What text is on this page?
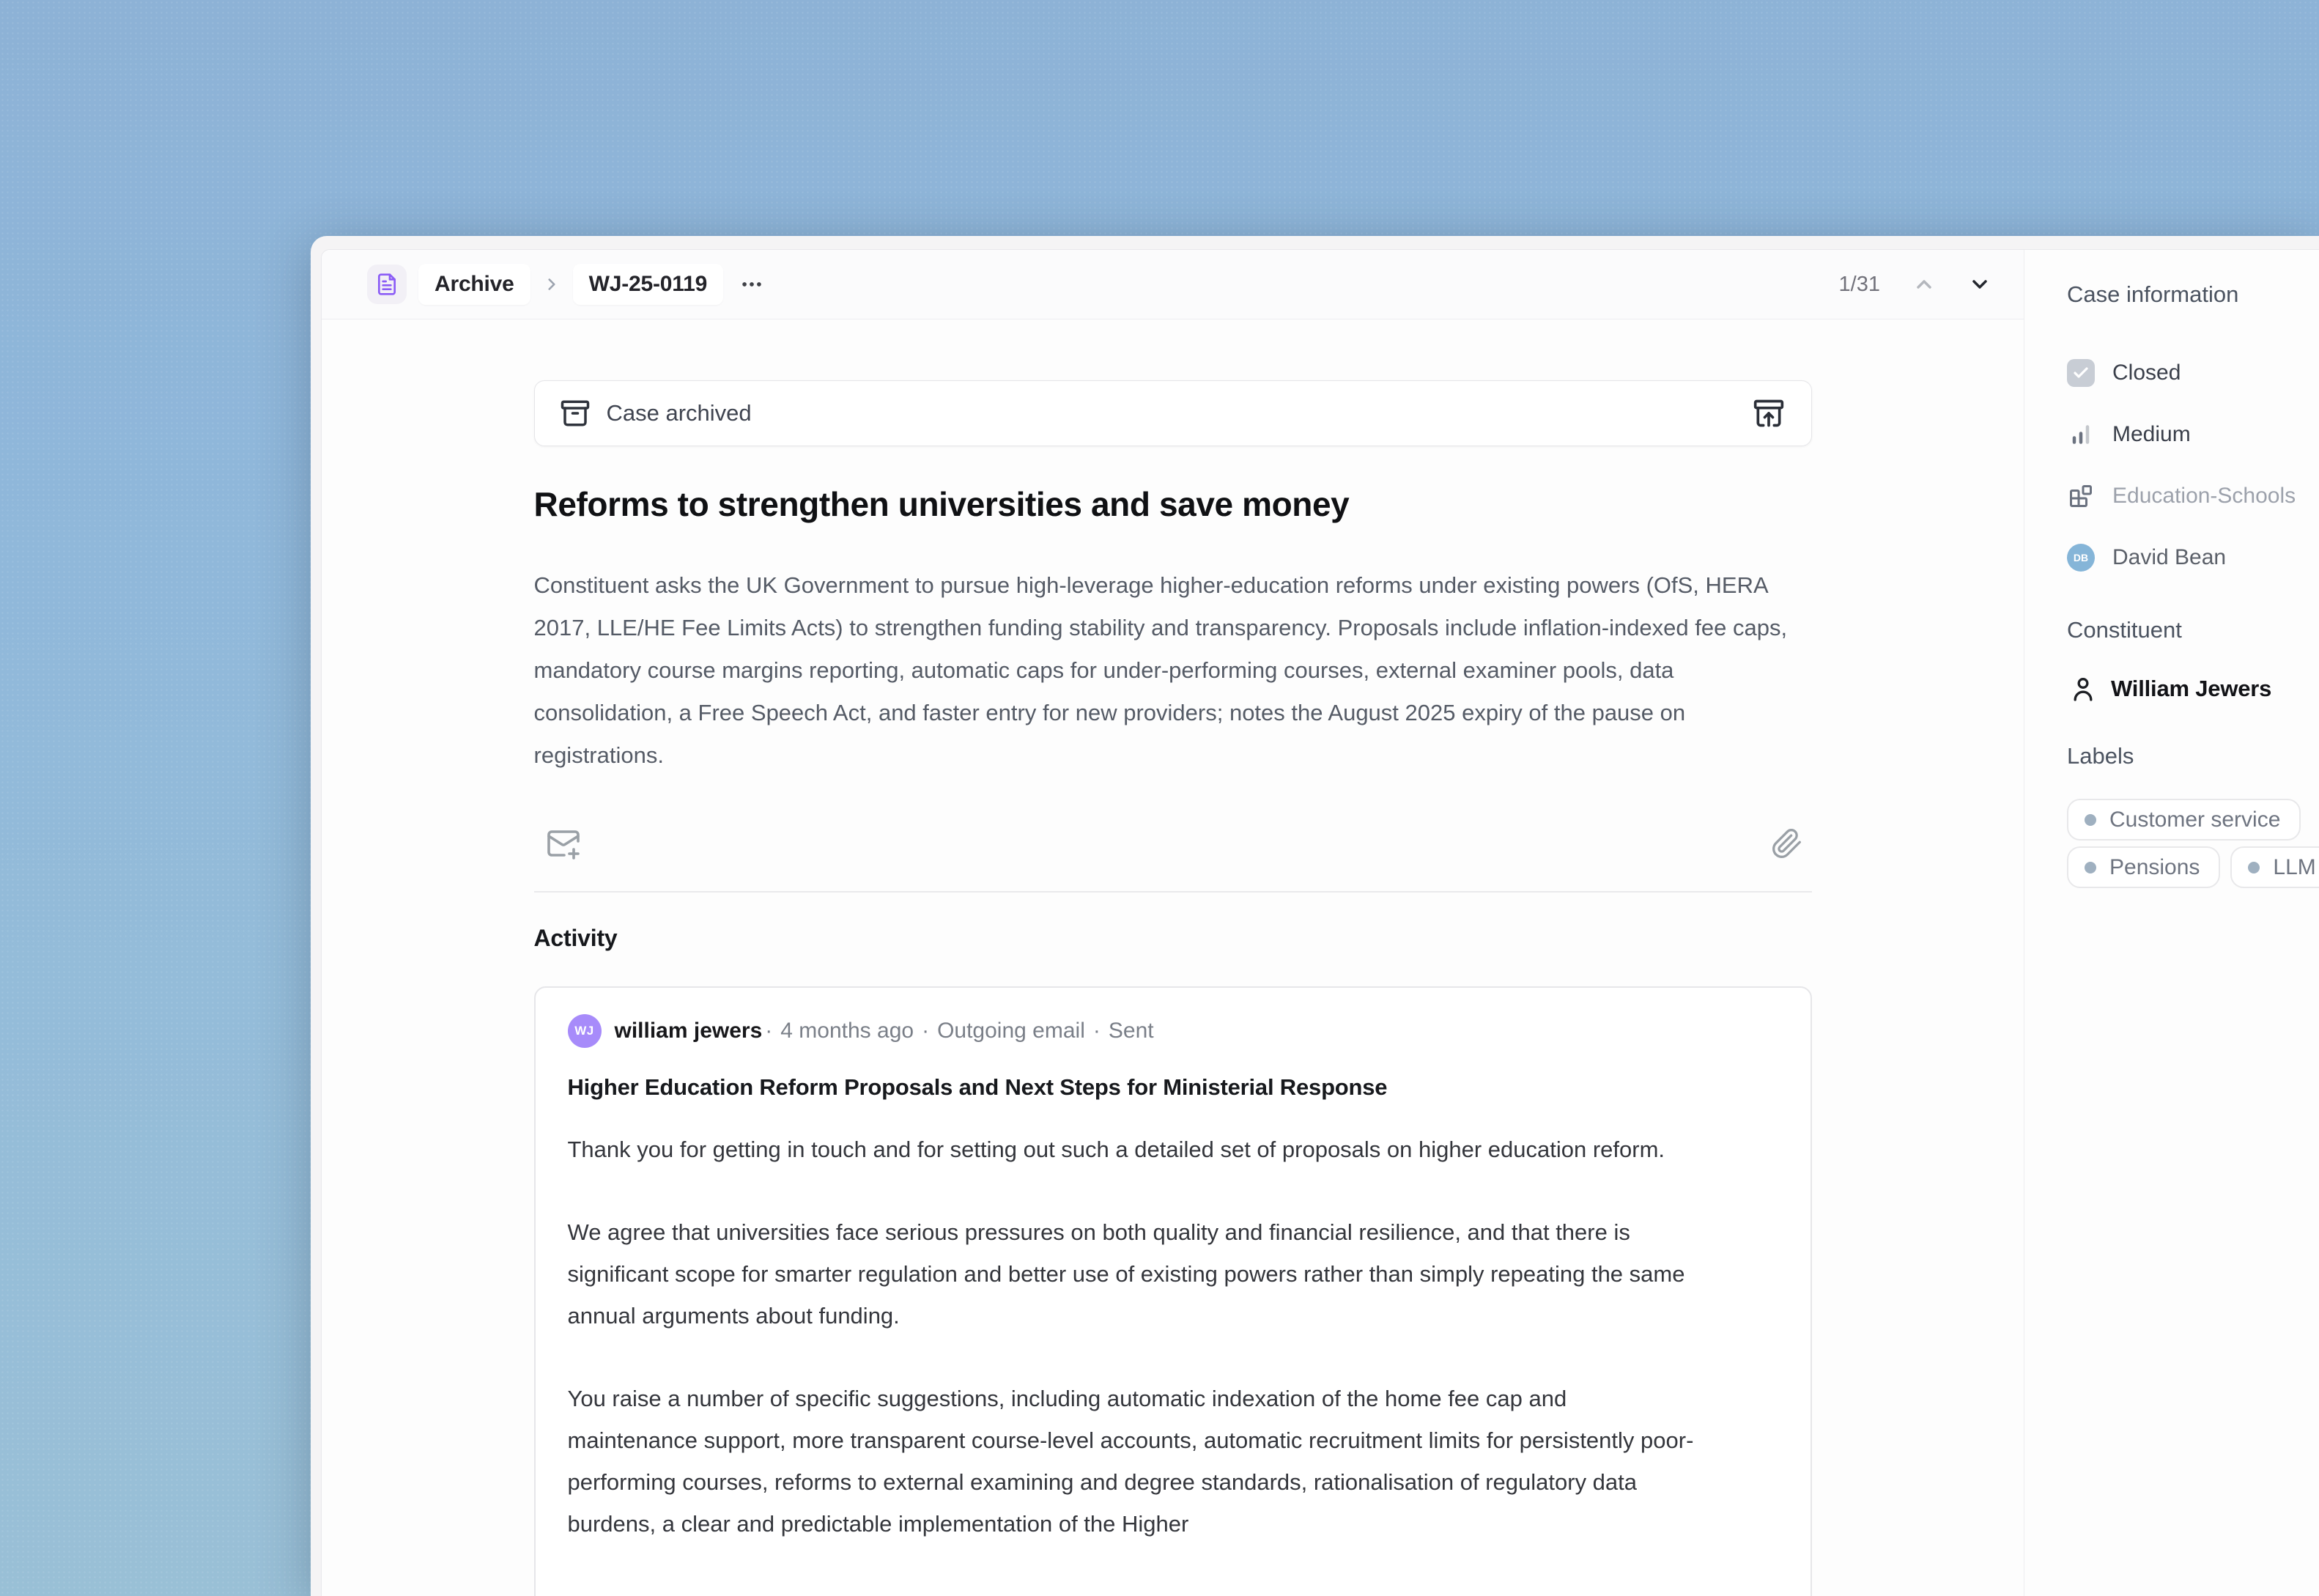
Archive	WJ-25-0119	1/31
Case archived
Reforms to strengthen universities and save money
Constituent asks the UK Government to pursue high-leverage higher-education reforms under existing powers (OfS, HERA 2017, LLE/HE Fee Limits Acts) to strengthen funding stability and transparency. Proposals include inflation-indexed fee caps, mandatory course margins reporting, automatic caps for under-performing courses, external examiner pools, data consolidation, a Free Speech Act, and faster entry for new providers; notes the August 2025 expiry of the pause on registrations.
Activity
WJ william jewers · 4 months ago · Outgoing email · Sent
Higher Education Reform Proposals and Next Steps for Ministerial Response

Thank you for getting in touch and for setting out such a detailed set of proposals on higher education reform.

We agree that universities face serious pressures on both quality and financial resilience, and that there is significant scope for smarter regulation and better use of existing powers rather than simply repeating the same annual arguments about funding.

You raise a number of specific suggestions, including automatic indexation of the home fee cap and maintenance support, more transparent course-level accounts, automatic recruitment limits for persistently poor-performing courses, reforms to external examining and degree standards, rationalisation of regulatory data burdens, a clear and predictable implementation of the Higher

Case information
Closed
Medium
Education-Schools
DB David Bean
Constituent
William Jewers
Labels
Customer service
Pensions	LLM
